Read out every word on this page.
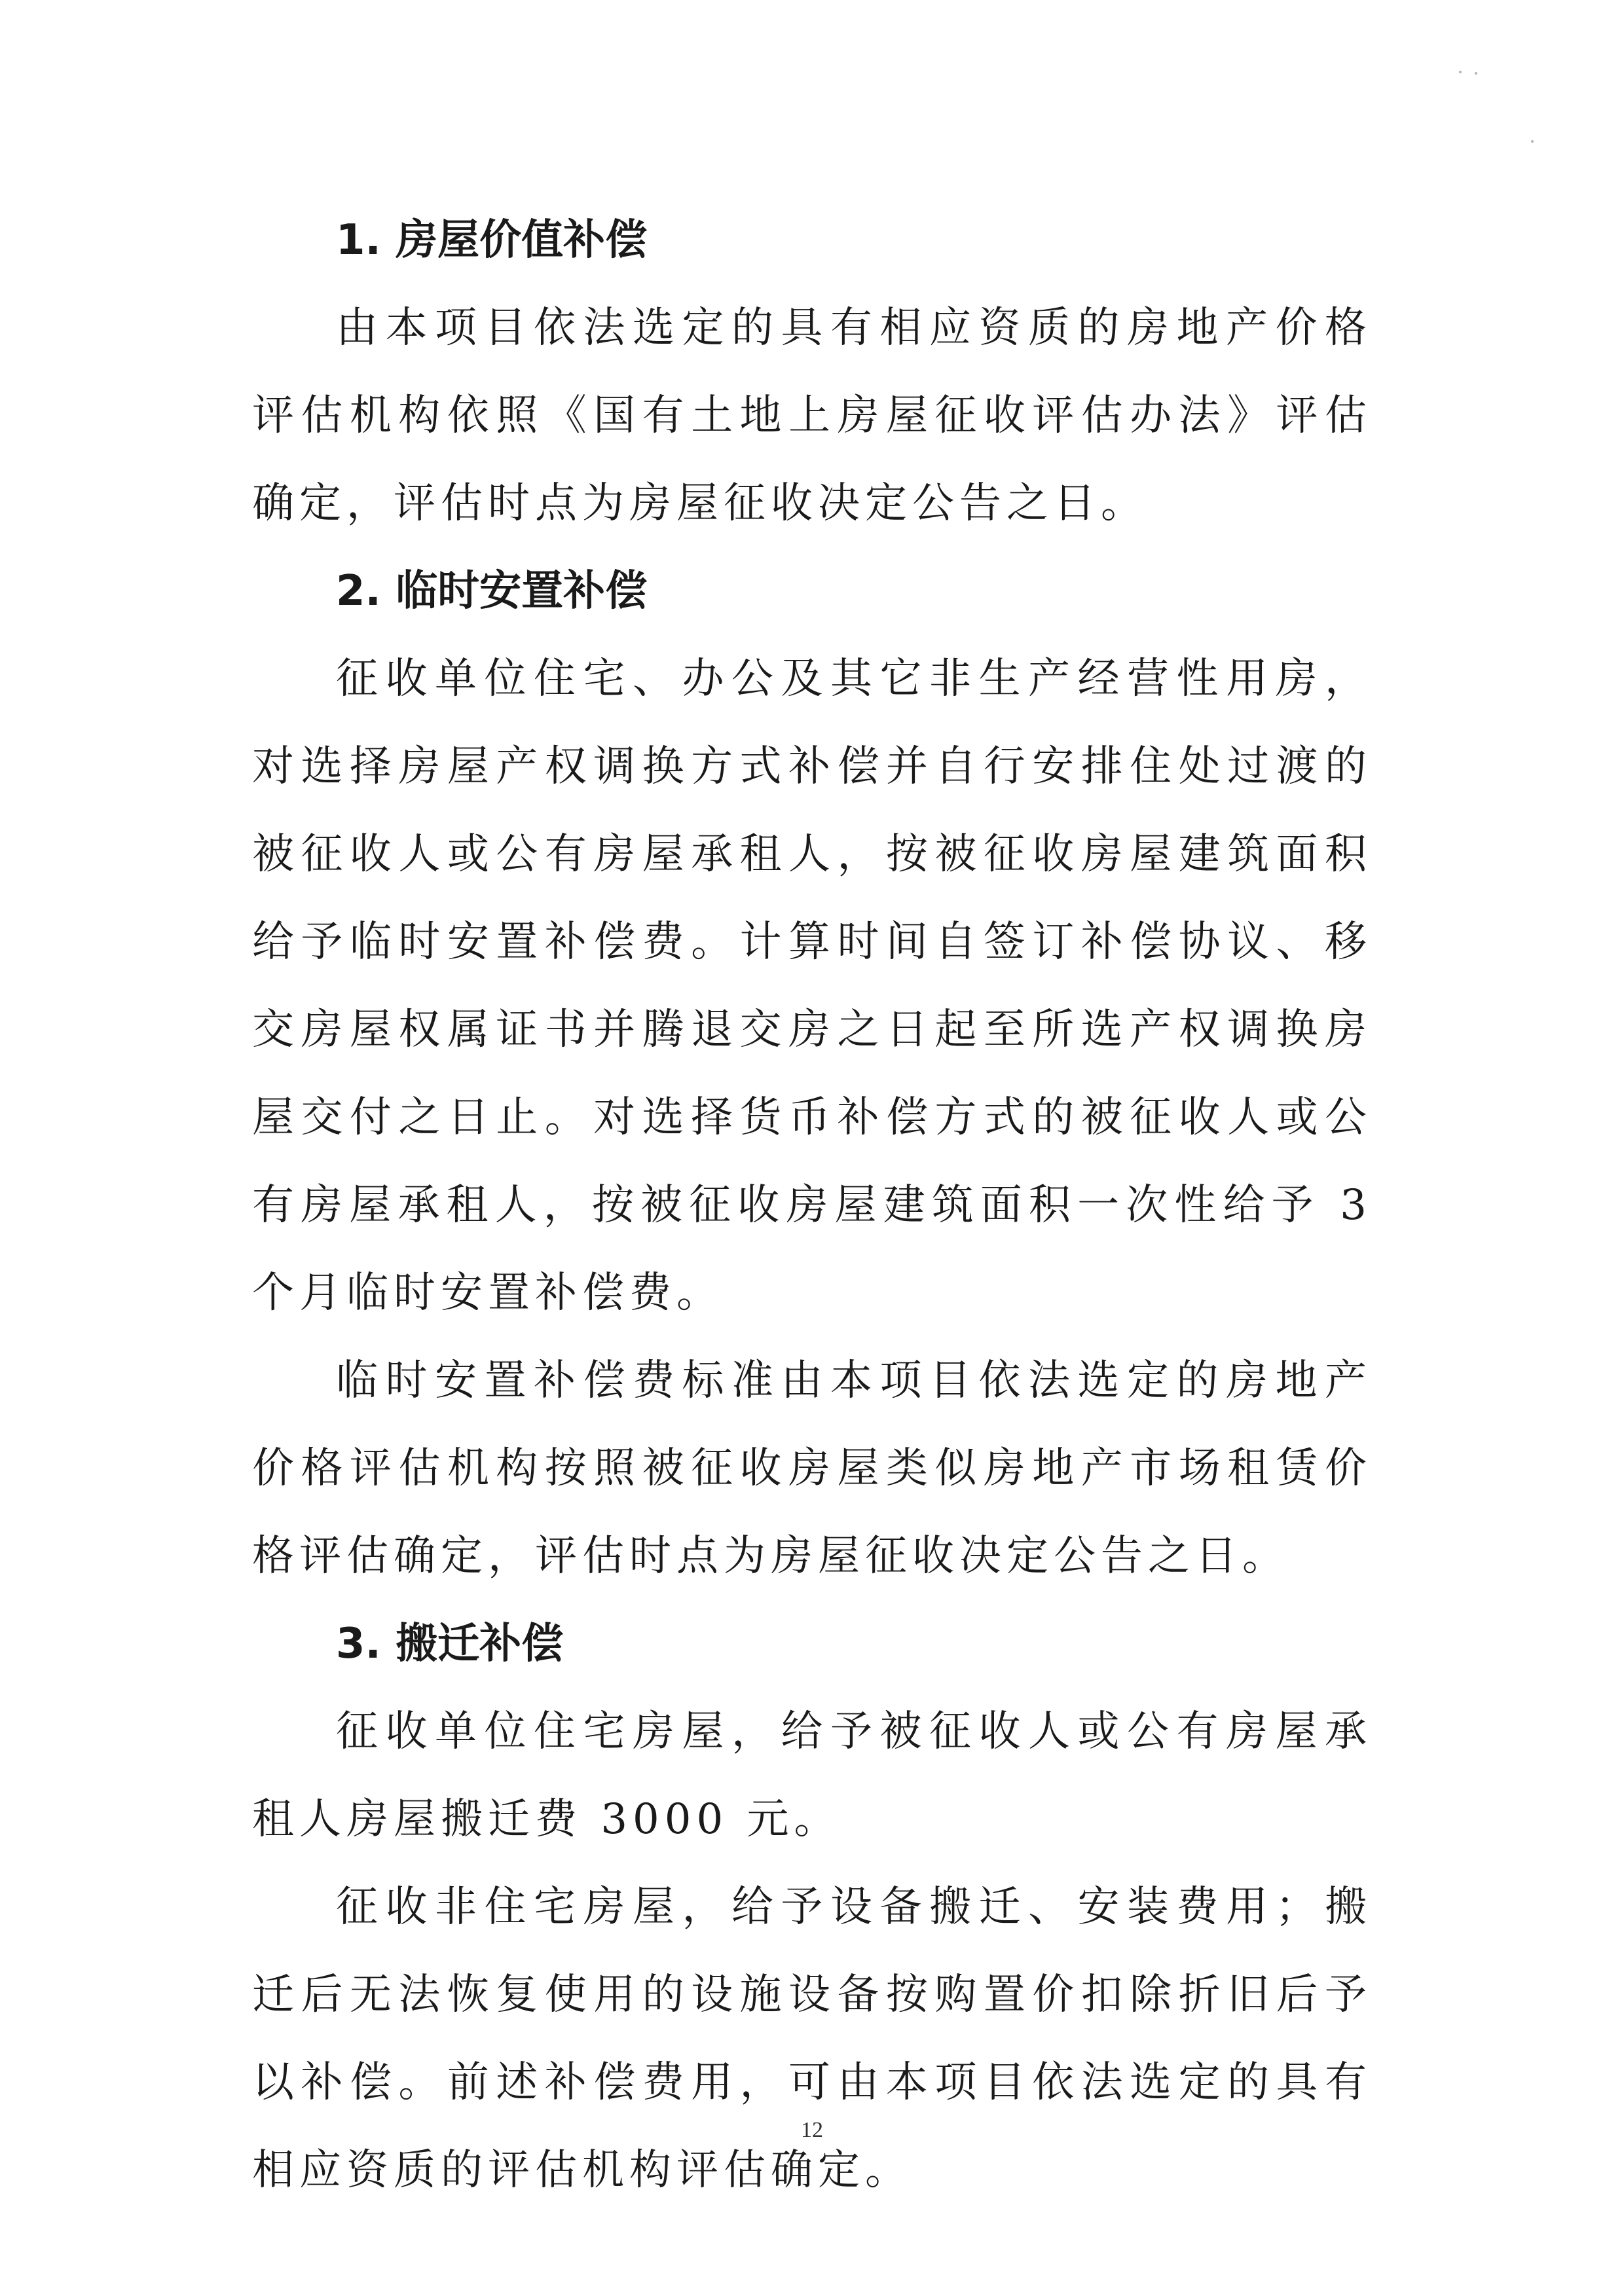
1. 房屋价值补偿

由本项目依法选定的具有相应资质的房地产价格评估机构依照《国有土地上房屋征收评估办法》评估确定，评估时点为房屋征收决定公告之日。

2. 临时安置补偿

征收单位住宅、办公及其它非生产经营性用房，对选择房屋产权调换方式补偿并自行安排住处过渡的被征收人或公有房屋承租人，按被征收房屋建筑面积给予临时安置补偿费。计算时间自签订补偿协议、移交房屋权属证书并腾退交房之日起至所选产权调换房屋交付之日止。对选择货币补偿方式的被征收人或公有房屋承租人，按被征收房屋建筑面积一次性给予 3 个月临时安置补偿费。

临时安置补偿费标准由本项目依法选定的房地产价格评估机构按照被征收房屋类似房地产市场租赁价格评估确定，评估时点为房屋征收决定公告之日。

3. 搬迁补偿

征收单位住宅房屋，给予被征收人或公有房屋承租人房屋搬迁费 3000 元。

征收非住宅房屋，给予设备搬迁、安装费用；搬迁后无法恢复使用的设施设备按购置价扣除折旧后予以补偿。前述补偿费用，可由本项目依法选定的具有相应资质的评估机构评估确定。

12
